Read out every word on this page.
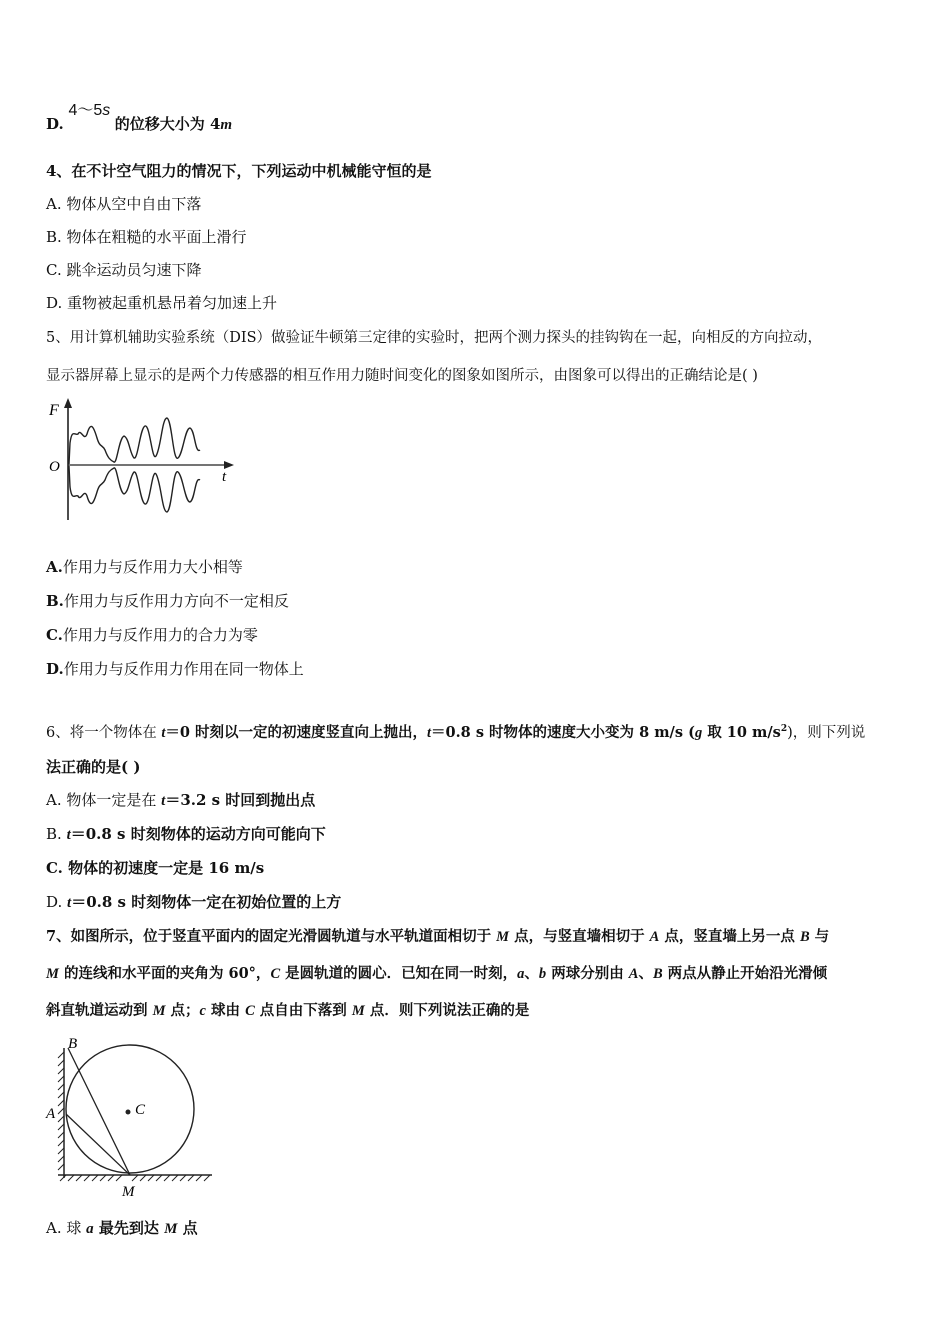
D. 4～5s 的位移大小为 4m
4、在不计空气阻力的情况下，下列运动中机械能守恒的是
A. 物体从空中自由下落
B. 物体在粗糙的水平面上滑行
C. 跳伞运动员匀速下降
D. 重物被起重机悬吊着匀加速上升
5、用计算机辅助实验系统（DIS）做验证牛顿第三定律的实验时，把两个测力探头的挂钩钩在一起，向相反的方向拉动，
显示器屏幕上显示的是两个力传感器的相互作用力随时间变化的图象如图所示，由图象可以得出的正确结论是( )
F
O
t
A.作用力与反作用力大小相等
B.作用力与反作用力方向不一定相反
C.作用力与反作用力的合力为零
D.作用力与反作用力作用在同一物体上
6、将一个物体在 t＝0 时刻以一定的初速度竖直向上抛出，t＝0.8 s 时物体的速度大小变为 8 m/s (g 取 10 $m/s^2$)，则下列说
法正确的是( )
A. 物体一定是在 t＝3.2 s 时回到抛出点
B. t＝0.8 s 时刻物体的运动方向可能向下
C. 物体的初速度一定是 16 m/s
D. t＝0.8 s 时刻物体一定在初始位置的上方
7、如图所示，位于竖直平面内的固定光滑圆轨道与水平轨道面相切于 M 点，与竖直墙相切于 A 点，竖直墙上另一点 B 与
M 的连线和水平面的夹角为 60°，C 是圆轨道的圆心．已知在同一时刻，a、b 两球分别由 A、B 两点从静止开始沿光滑倾
斜直轨道运动到 M 点；c 球由 C 点自由下落到 M 点．则下列说法正确的是
B
A	C
M
A. 球 a 最先到达 M 点
